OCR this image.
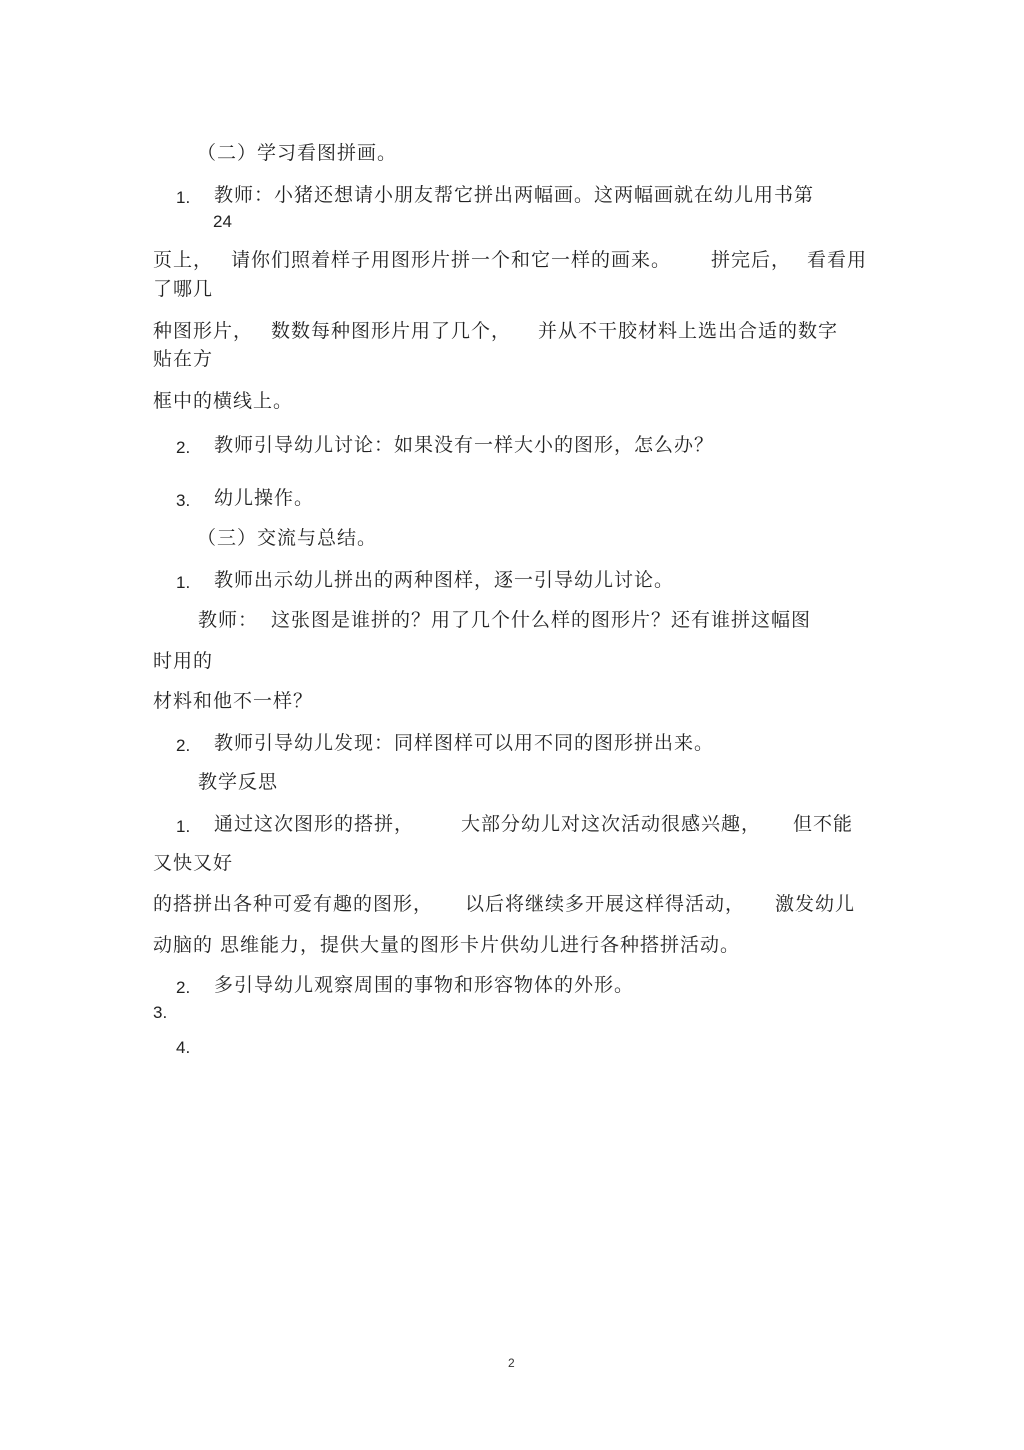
（二）学习看图拼画。
1. 教师：小猪还想请小朋友帮它拼出两幅画。这两幅画就在幼儿用书第
24
页上， 请你们照着样子用图形片拼一个和它一样的画来。 拼完后， 看看用
了哪几
种图形片， 数数每种图形片用了几个， 并从不干胶材料上选出合适的数字
贴在方
框中的横线上。
2. 教师引导幼儿讨论：如果没有一样大小的图形，怎么办？
3. 幼儿操作。
（三）交流与总结。
1. 教师出示幼儿拼出的两种图样，逐一引导幼儿讨论。
教师： 这张图是谁拼的？用了几个什么样的图形片？还有谁拼这幅图
时用的
材料和他不一样？
2. 教师引导幼儿发现：同样图样可以用不同的图形拼出来。
教学反思
1. 通过这次图形的搭拼， 大部分幼儿对这次活动很感兴趣， 但不能
又快又好
的搭拼出各种可爱有趣的图形， 以后将继续多开展这样得活动， 激发幼儿
动脑的 思维能力，提供大量的图形卡片供幼儿进行各种搭拼活动。
2. 多引导幼儿观察周围的事物和形容物体的外形。
3.
4.
2
